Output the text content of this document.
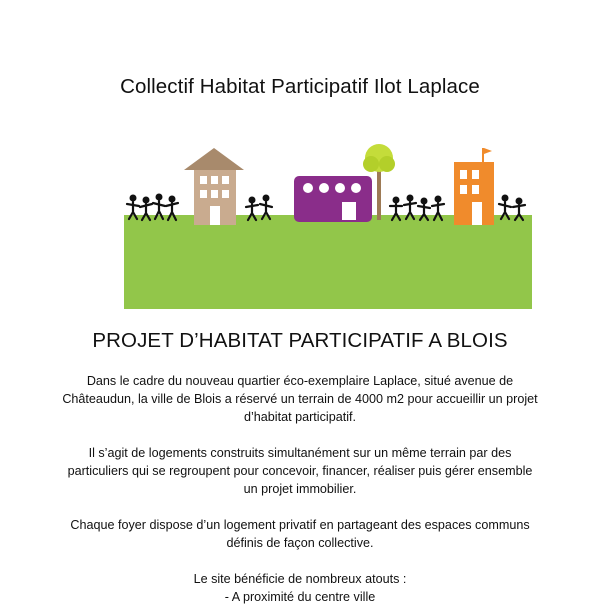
Collectif Habitat Participatif Ilot Laplace
PROJET D’HABITAT PARTICIPATIF A BLOIS

Dans le cadre du nouveau quartier éco-exemplaire Laplace, situé avenue de Châteaudun, la ville de Blois a réservé un terrain de 4000 m2 pour accueillir un projet d’habitat participatif.

Il s’agit de logements construits simultanément sur un même terrain par des particuliers qui se regroupent pour concevoir, financer, réaliser puis gérer ensemble un projet immobilier.

Chaque foyer dispose d’un logement privatif en partageant des espaces communs définis de façon collective.

Le site bénéficie de nombreux atouts :
- A proximité du centre ville
